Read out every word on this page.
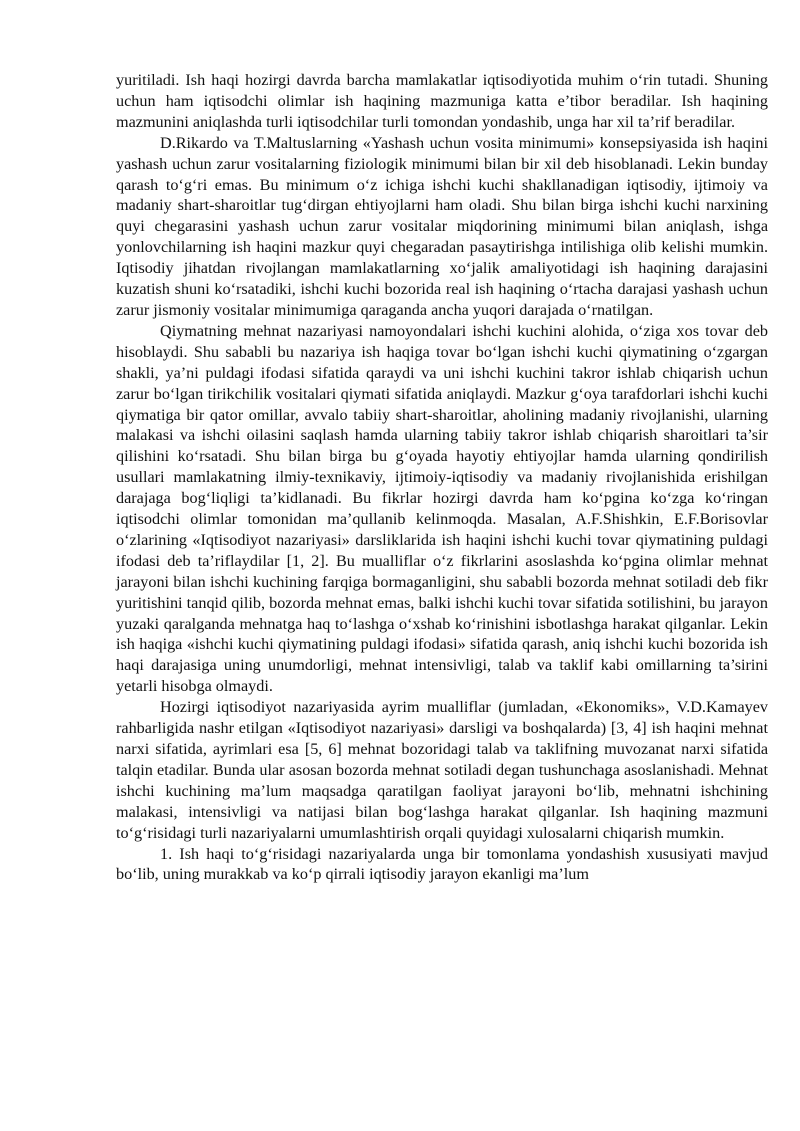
yuritiladi. Ish haqi hozirgi davrda barcha mamlakatlar iqtisodiyotida muhim o‘rin tutadi. Shuning uchun ham iqtisodchi olimlar ish haqining mazmuniga katta e’tibor beradilar. Ish haqining mazmunini aniqlashda turli iqtisodchilar turli tomondan yondashib, unga har xil ta’rif beradilar.

D.Rikardo va T.Maltuslarning «Yashash uchun vosita minimumi» konsepsiyasida ish haqini yashash uchun zarur vositalarning fiziologik minimumi bilan bir xil deb hisoblanadi. Lekin bunday qarash to‘g‘ri emas. Bu minimum o‘z ichiga ishchi kuchi shakllanadigan iqtisodiy, ijtimoiy va madaniy shart-sharoitlar tug‘dirgan ehtiyojlarni ham oladi. Shu bilan birga ishchi kuchi narxining quyi chegarasini yashash uchun zarur vositalar miqdorining minimumi bilan aniqlash, ishga yonlovchilarning ish haqini mazkur quyi chegaradan pasaytirishga intilishiga olib kelishi mumkin. Iqtisodiy jihatdan rivojlangan mamlakatlarning xo‘jalik amaliyotidagi ish haqining darajasini kuzatish shuni ko‘rsatadiki, ishchi kuchi bozorida real ish haqining o‘rtacha darajasi yashash uchun zarur jismoniy vositalar minimumiga qaraganda ancha yuqori darajada o‘rnatilgan.

Qiymatning mehnat nazariyasi namoyondalari ishchi kuchini alohida, o‘ziga xos tovar deb hisoblaydi. Shu sababli bu nazariya ish haqiga tovar bo‘lgan ishchi kuchi qiymatining o‘zgargan shakli, ya’ni puldagi ifodasi sifatida qaraydi va uni ishchi kuchini takror ishlab chiqarish uchun zarur bo‘lgan tirikchilik vositalari qiymati sifatida aniqlaydi. Mazkur g‘oya tarafdorlari ishchi kuchi qiymatiga bir qator omillar, avvalo tabiiy shart-sharoitlar, aholining madaniy rivojlanishi, ularning malakasi va ishchi oilasini saqlash hamda ularning tabiiy takror ishlab chiqarish sharoitlari ta’sir qilishini ko‘rsatadi. Shu bilan birga bu g‘oyada hayotiy ehtiyojlar hamda ularning qondirilish usullari mamlakatning ilmiy-texnikaviy, ijtimoiy-iqtisodiy va madaniy rivojlanishida erishilgan darajaga bog‘liqligi ta’kidlanadi. Bu fikrlar hozirgi davrda ham ko‘pgina ko‘zga ko‘ringan iqtisodchi olimlar tomonidan ma’qullanib kelinmoqda. Masalan, A.F.Shishkin, E.F.Borisovlar o‘zlarining «Iqtisodiyot nazariyasi» darsliklarida ish haqini ishchi kuchi tovar qiymatining puldagi ifodasi deb ta’riflaydilar [1, 2]. Bu mualliflar o‘z fikrlarini asoslashda ko‘pgina olimlar mehnat jarayoni bilan ishchi kuchining farqiga bormaganligini, shu sababli bozorda mehnat sotiladi deb fikr yuritishini tanqid qilib, bozorda mehnat emas, balki ishchi kuchi tovar sifatida sotilishini, bu jarayon yuzaki qaralganda mehnatga haq to‘lashga o‘xshab ko‘rinishini isbotlashga harakat qilganlar. Lekin ish haqiga «ishchi kuchi qiymatining puldagi ifodasi» sifatida qarash, aniq ishchi kuchi bozorida ish haqi darajasiga uning unumdorligi, mehnat intensivligi, talab va taklif kabi omillarning ta’sirini yetarli hisobga olmaydi.

Hozirgi iqtisodiyot nazariyasida ayrim mualliflar (jumladan, «Ekonomiks», V.D.Kamayev rahbarligida nashr etilgan «Iqtisodiyot nazariyasi» darsligi va boshqalarda) [3, 4] ish haqini mehnat narxi sifatida, ayrimlari esa [5, 6] mehnat bozoridagi talab va taklifning muvozanat narxi sifatida talqin etadilar. Bunda ular asosan bozorda mehnat sotiladi degan tushunchaga asoslanishadi. Mehnat ishchi kuchining ma’lum maqsadga qaratilgan faoliyat jarayoni bo‘lib, mehnatni ishchining malakasi, intensivligi va natijasi bilan bog‘lashga harakat qilganlar. Ish haqining mazmuni to‘g‘risidagi turli nazariyalarni umumlashtirish orqali quyidagi xulosalarni chiqarish mumkin.

1. Ish haqi to‘g‘risidagi nazariyalarda unga bir tomonlama yondashish xususiyati mavjud bo‘lib, uning murakkab va ko‘p qirrali iqtisodiy jarayon ekanligi ma’lum
